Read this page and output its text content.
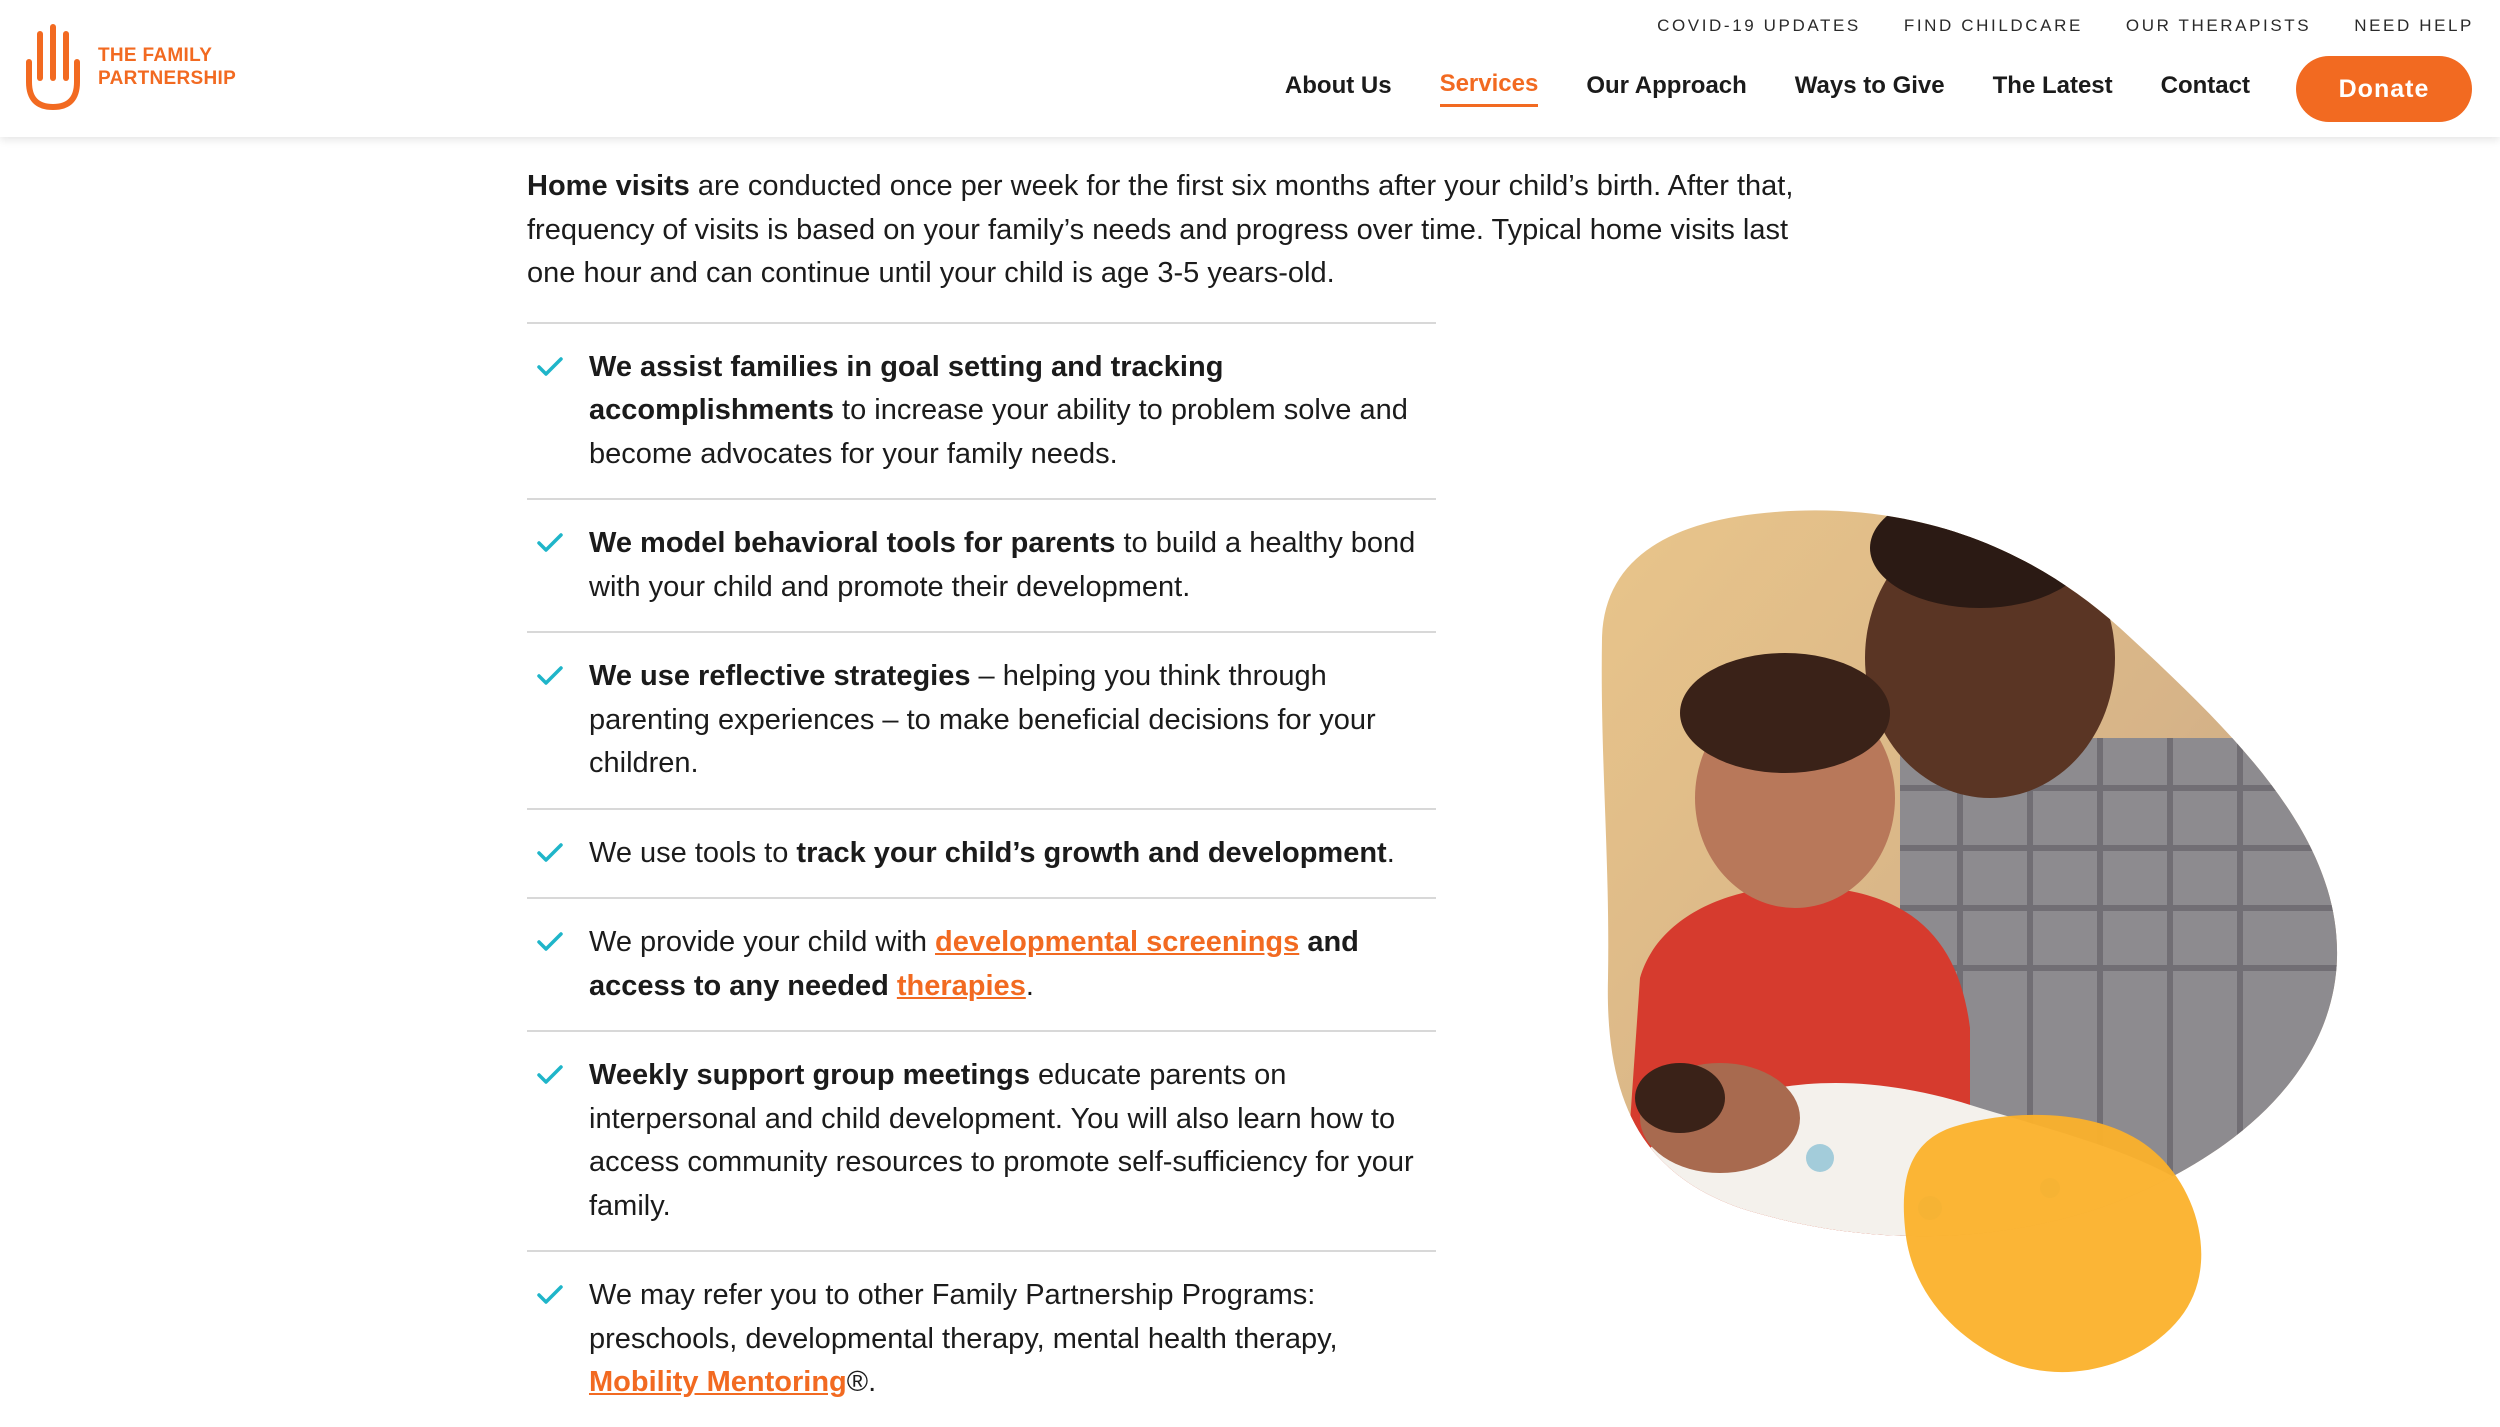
THE FAMILY
PARTNERSHIP
COVID-19 UPDATES	FIND CHILDCARE	OUR THERAPISTS	NEED HELP
About Us Services Our Approach Ways to Give The Latest Contact	Donate

Home visits are conducted once per week for the first six months after your child’s birth. After that, frequency of visits is based on your family’s needs and progress over time. Typical home visits last one hour and can continue until your child is age 3-5 years-old.

We assist families in goal setting and tracking accomplishments to increase your ability to problem solve and become advocates for your family needs.
We model behavioral tools for parents to build a healthy bond with your child and promote their development.
We use reflective strategies – helping you think through parenting experiences – to make beneficial decisions for your children.
We use tools to track your child’s growth and development.
We provide your child with developmental screenings and access to any needed therapies.
Weekly support group meetings educate parents on interpersonal and child development. You will also learn how to access community resources to promote self-sufficiency for your family.
We may refer you to other Family Partnership Programs: preschools, developmental therapy, mental health therapy, Mobility Mentoring®.
